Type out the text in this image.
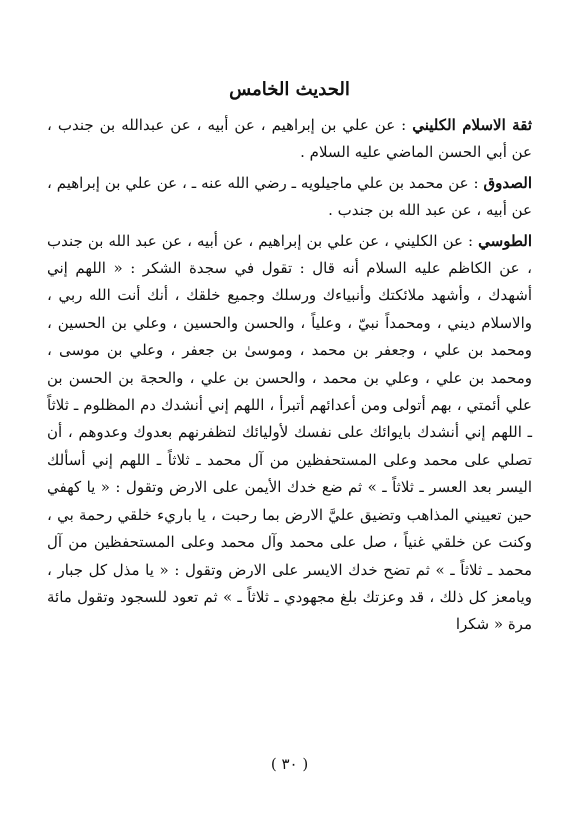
الحديث الخامس

ثقة الاسلام الكليني : عن علي بن إبراهيم ، عن أبيه ، عن عبدالله بن جندب ، عن أبي الحسن الماضي عليه السلام .

الصدوق : عن محمد بن علي ماجيلويه ـ رضي الله عنه ـ ، عن علي بن إبراهيم ، عن أبيه ، عن عبد الله بن جندب .

الطوسي : عن الكليني ، عن علي بن إبراهيم ، عن أبيه ، عن عبد الله بن جندب ، عن الكاظم عليه السلام أنه قال : تقول في سجدة الشكر : « اللهم إني أشهدك ، وأشهد ملائكتك وأنبياءك ورسلك وجميع خلقك ، أنك أنت الله ربي ، والاسلام ديني ، ومحمداً نبيّ ، وعلياً ، والحسن والحسين ، وعلي بن الحسين ، ومحمد بن علي ، وجعفر بن محمد ، وموسىٰ بن جعفر ، وعلي بن موسى ، ومحمد بن علي ، وعلي بن محمد ، والحسن بن علي ، والحجة بن الحسن بن علي أئمتي ، بهم أتولى ومن أعدائهم أتبرأ ، اللهم إني أنشدك دم المظلوم ـ ثلاثاً ـ اللهم إني أنشدك بايوائك على نفسك لأوليائك لتظفرنهم بعدوك وعدوهم ، أن تصلي على محمد وعلى المستحفظين من آل محمد ـ ثلاثاً ـ اللهم إني أسألك اليسر بعد العسر ـ ثلاثاً ـ » ثم ضع خدك الأيمن على الارض وتقول : « يا كهفي حين تعييني المذاهب وتضيق عليَّ الارض بما رحبت ، يا باريء خلقي رحمة بي ، وكنت عن خلقي غنياً ، صل على محمد وآل محمد وعلى المستحفظين من آل محمد ـ ثلاثاً ـ » ثم تضح خدك الايسر على الارض وتقول : « يا مذل كل جبار ، ويامعز كل ذلك ، قد وعزتك بلغ مجهودي ـ ثلاثاً ـ » ثم تعود للسجود وتقول مائة مرة « شكرا

( ٣٠ )
